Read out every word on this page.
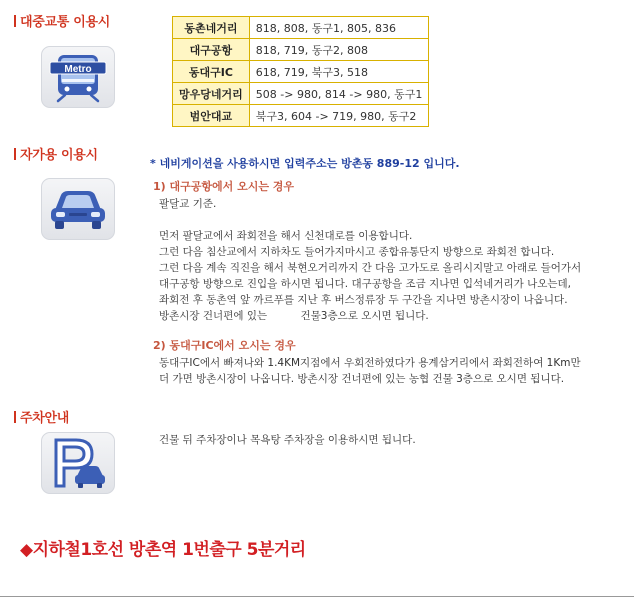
대중교통 이용시
Metro
동촌네거리	818, 808, 동구1, 805, 836
대구공항	818, 719, 동구2, 808
동대구IC	618, 719, 북구3, 518
망우당네거리	508 -> 980, 814 -> 980, 동구1
범안대교	북구3, 604 -> 719, 980, 동구2
자가용 이용시
* 네비게이션을 사용하시면 입력주소는 방촌동 889-12 입니다.
1) 대구공항에서 오시는 경우
팔달교 기준.
먼저 팔달교에서 좌회전을 해서 신천대로를 이용합니다.
그런 다음 침산교에서 지하차도 들어가지마시고 종합유통단지 방향으로 좌회전 합니다.
그런 다음 계속 직진을 해서 북현오거리까지 간 다음 고가도로 올리시지말고 아래로 들어가서
대구공항 방향으로 진입을 하시면 됩니다. 대구공항을 조금 지나면 입석네거리가 나오는데,
좌회전 후 동촌역 앞 까르푸를 지난 후 버스정류장 두 구간을 지나면 방촌시장이 나옵니다.
방촌시장 건너편에 있는          건물3층으로 오시면 됩니다.
2) 동대구IC에서 오시는 경우
동대구IC에서 빠져나와 1.4KM지점에서 우회전하였다가 용계삼거리에서 좌회전하여 1Km만
더 가면 방촌시장이 나옵니다. 방촌시장 건너편에 있는 농협 건물 3층으로 오시면 됩니다.
주차안내
건물 뒤 주차장이나 목욕탕 주차장을 이용하시면 됩니다.
◆지하철1호선 방촌역 1번출구 5분거리
